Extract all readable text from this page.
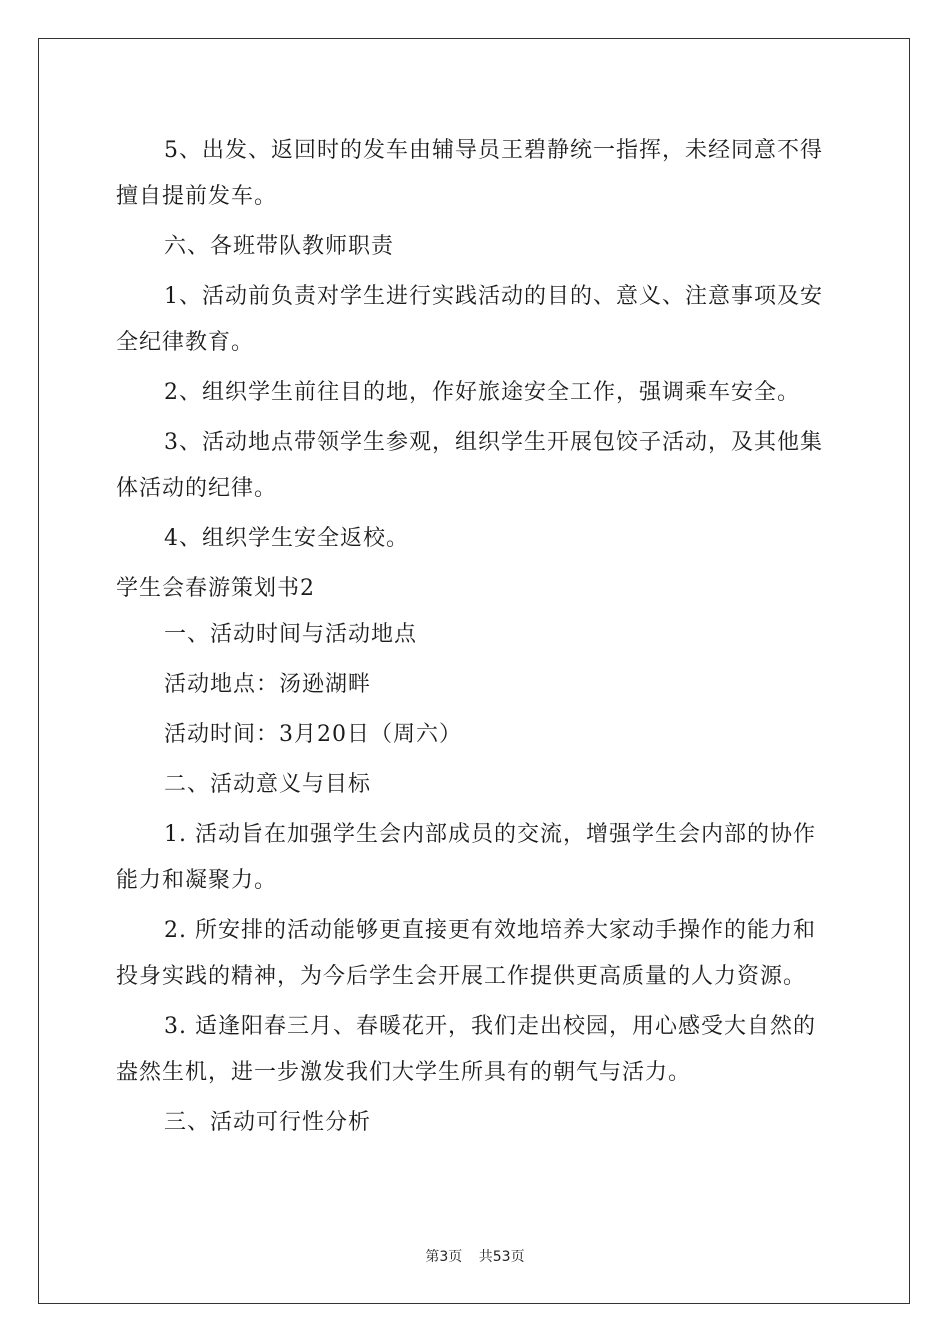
5、出发、返回时的发车由辅导员王碧静统一指挥，未经同意不得擅自提前发车。

六、各班带队教师职责

1、活动前负责对学生进行实践活动的目的、意义、注意事项及安全纪律教育。

2、组织学生前往目的地，作好旅途安全工作，强调乘车安全。

3、活动地点带领学生参观，组织学生开展包饺子活动，及其他集体活动的纪律。

4、组织学生安全返校。

学生会春游策划书2

一、活动时间与活动地点

活动地点：汤逊湖畔

活动时间：3月20日（周六）

二、活动意义与目标

1. 活动旨在加强学生会内部成员的交流，增强学生会内部的协作能力和凝聚力。

2. 所安排的活动能够更直接更有效地培养大家动手操作的能力和投身实践的精神，为今后学生会开展工作提供更高质量的人力资源。

3. 适逢阳春三月、春暖花开，我们走出校园，用心感受大自然的盎然生机，进一步激发我们大学生所具有的朝气与活力。

三、活动可行性分析

第3页 共53页
